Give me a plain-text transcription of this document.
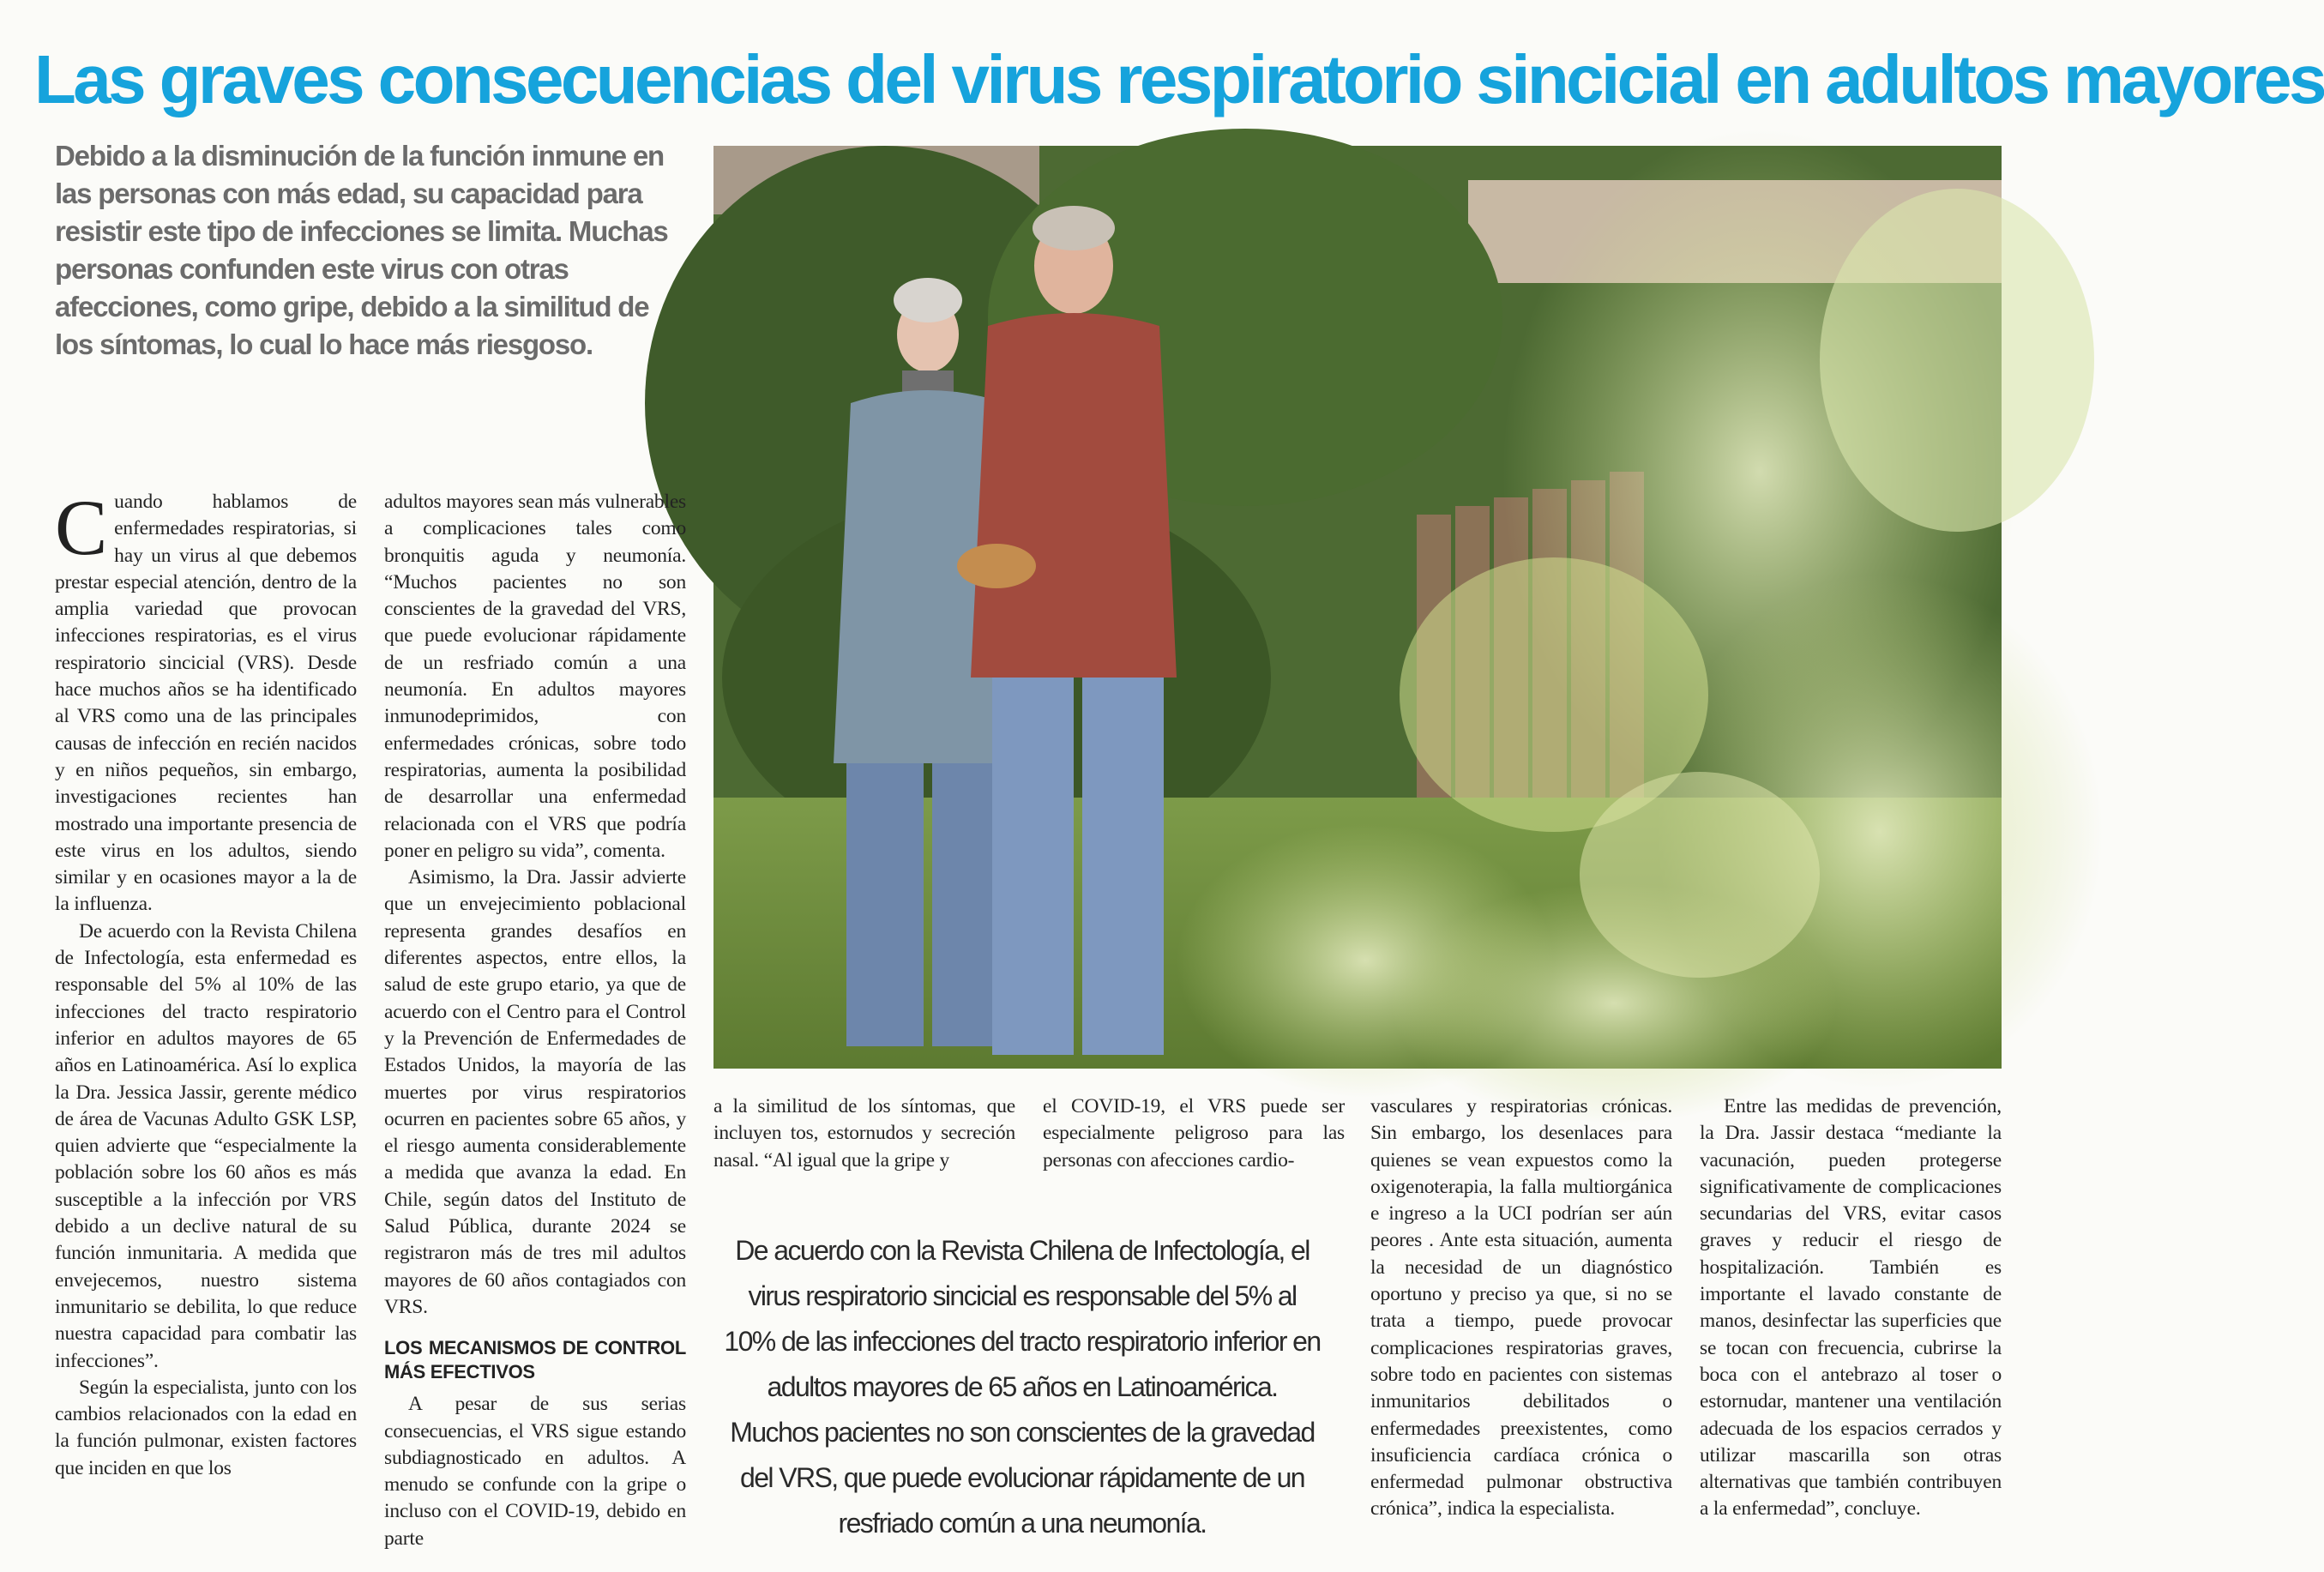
Las graves consecuencias del virus respiratorio sincicial en adultos mayores
Debido a la disminución de la función inmune en las personas con más edad, su capacidad para resistir este tipo de infecciones se limita. Muchas personas confunden este virus con otras afecciones, como gripe, debido a la similitud de los síntomas, lo cual lo hace más riesgoso.

Cuando hablamos de enfermedades respiratorias, si hay un virus al que debemos prestar especial atención, dentro de la amplia variedad que provocan infecciones respiratorias, es el virus respiratorio sincicial (VRS). Desde hace muchos años se ha identificado al VRS como una de las principales causas de infección en recién nacidos y en niños pequeños, sin embargo, investigaciones recientes han mostrado una importante presencia de este virus en los adultos, siendo similar y en ocasiones mayor a la de la influenza.

De acuerdo con la Revista Chilena de Infectología, esta enfermedad es responsable del 5% al 10% de las infecciones del tracto respiratorio inferior en adultos mayores de 65 años en Latinoamérica. Así lo explica la Dra. Jessica Jassir, gerente médico de área de Vacunas Adulto GSK LSP, quien advierte que “especialmente la población sobre los 60 años es más susceptible a la infección por VRS debido a un declive natural de su función inmunitaria. A medida que envejecemos, nuestro sistema inmunitario se debilita, lo que reduce nuestra capacidad para combatir las infecciones”.

Según la especialista, junto con los cambios relacionados con la edad en la función pulmonar, existen factores que inciden en que los

adultos mayores sean más vulnerables a complicaciones tales como bronquitis aguda y neumonía. “Muchos pacientes no son conscientes de la gravedad del VRS, que puede evolucionar rápidamente de un resfriado común a una neumonía. En adultos mayores inmunodeprimidos, con enfermedades crónicas, sobre todo respiratorias, aumenta la posibilidad de desarrollar una enfermedad relacionada con el VRS que podría poner en peligro su vida”, comenta.

Asimismo, la Dra. Jassir advierte que un envejecimiento poblacional representa grandes desafíos en diferentes aspectos, entre ellos, la salud de este grupo etario, ya que de acuerdo con el Centro para el Control y la Prevención de Enfermedades de Estados Unidos, la mayoría de las muertes por virus respiratorios ocurren en pacientes sobre 65 años, y el riesgo aumenta considerablemente a medida que avanza la edad. En Chile, según datos del Instituto de Salud Pública, durante 2024 se registraron más de tres mil adultos mayores de 60 años contagiados con VRS.

LOS MECANISMOS DE CONTROL MÁS EFECTIVOS

A pesar de sus serias consecuencias, el VRS sigue estando subdiagnosticado en adultos. A menudo se confunde con la gripe o incluso con el COVID-19, debido en parte

a la similitud de los síntomas, que incluyen tos, estornudos y secreción nasal. “Al igual que la gripe y

el COVID-19, el VRS puede ser especialmente peligroso para las personas con afecciones cardio-

vasculares y respiratorias crónicas. Sin embargo, los desenlaces para quienes se vean expuestos como la oxigenoterapia, la falla multiorgánica e ingreso a la UCI podrían ser aún peores . Ante esta situación, aumenta la necesidad de un diagnóstico oportuno y preciso ya que, si no se trata a tiempo, puede provocar complicaciones respiratorias graves, sobre todo en pacientes con sistemas inmunitarios debilitados o enfermedades preexistentes, como insuficiencia cardíaca crónica o enfermedad pulmonar obstructiva crónica”, indica la especialista.

Entre las medidas de prevención, la Dra. Jassir destaca “mediante la vacunación, pueden protegerse significativamente de complicaciones secundarias del VRS, evitar casos graves y reducir el riesgo de hospitalización. También es importante el lavado constante de manos, desinfectar las superficies que se tocan con frecuencia, cubrirse la boca con el antebrazo al toser o estornudar, mantener una ventilación adecuada de los espacios cerrados y utilizar mascarilla son otras alternativas que también contribuyen a la enfermedad”, concluye.

De acuerdo con la Revista Chilena de Infectología, el virus respiratorio sincicial es responsable del 5% al 10% de las infecciones del tracto respiratorio inferior en adultos mayores de 65 años en Latinoamérica. Muchos pacientes no son conscientes de la gravedad del VRS, que puede evolucionar rápidamente de un resfriado común a una neumonía.
